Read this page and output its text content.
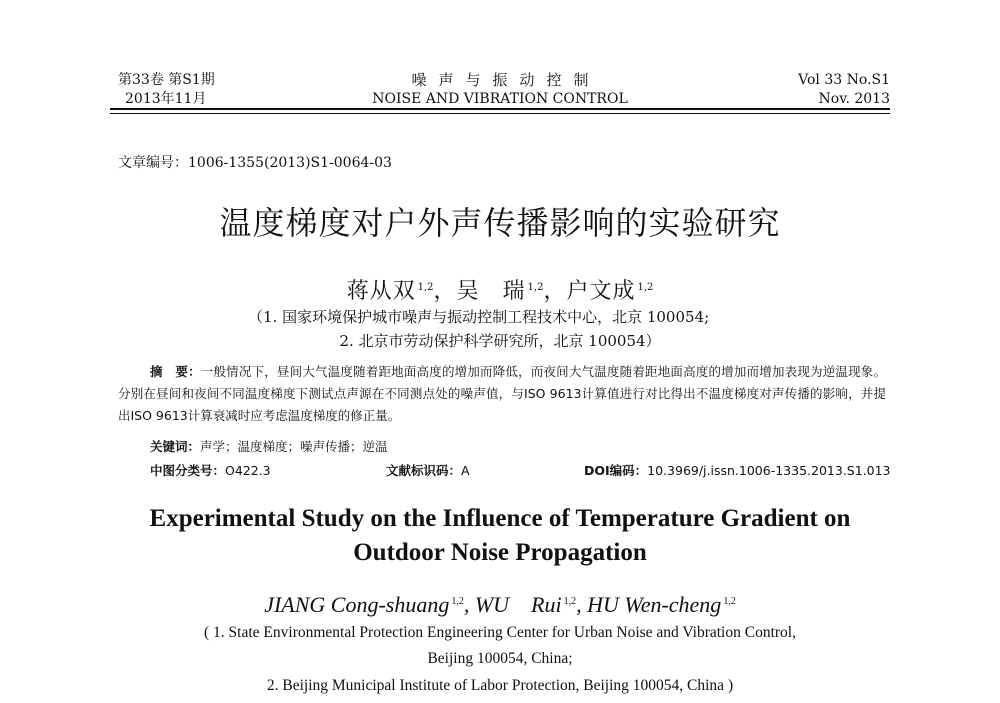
第33卷 第S1期
2013年11月
噪声与振动控制
NOISE AND VIBRATION CONTROL
Vol 33 No.S1
Nov. 2013
文章编号：1006-1355(2013)S1-0064-03
温度梯度对户外声传播影响的实验研究
蒋从双 $^{1,2}$，吴　瑞 $^{1,2}$，户文成 $^{1,2}$
（1. 国家环境保护城市噪声与振动控制工程技术中心，北京 100054;
2. 北京市劳动保护科学研究所，北京 100054）
摘　要：一般情况下，昼间大气温度随着距地面高度的增加而降低，而夜间大气温度随着距地面高度的增加而增加表现为逆温现象。分别在昼间和夜间不同温度梯度下测试点声源在不同测点处的噪声值，与ISO 9613计算值进行对比得出不温度梯度对声传播的影响，并提出ISO 9613计算衰减时应考虑温度梯度的修正量。
关键词：声学；温度梯度；噪声传播；逆温
中图分类号：O422.3	文献标识码：A	DOI编码：10.3969/j.issn.1006-1335.2013.S1.013
Experimental Study on the Influence of Temperature Gradient on
Outdoor Noise Propagation
JIANG Cong-shuang $^{1,2}$, WU　Rui $^{1,2}$, HU Wen-cheng $^{1,2}$
( 1. State Environmental Protection Engineering Center for Urban Noise and Vibration Control,
Beijing 100054, China;
2. Beijing Municipal Institute of Labor Protection, Beijing 100054, China )
